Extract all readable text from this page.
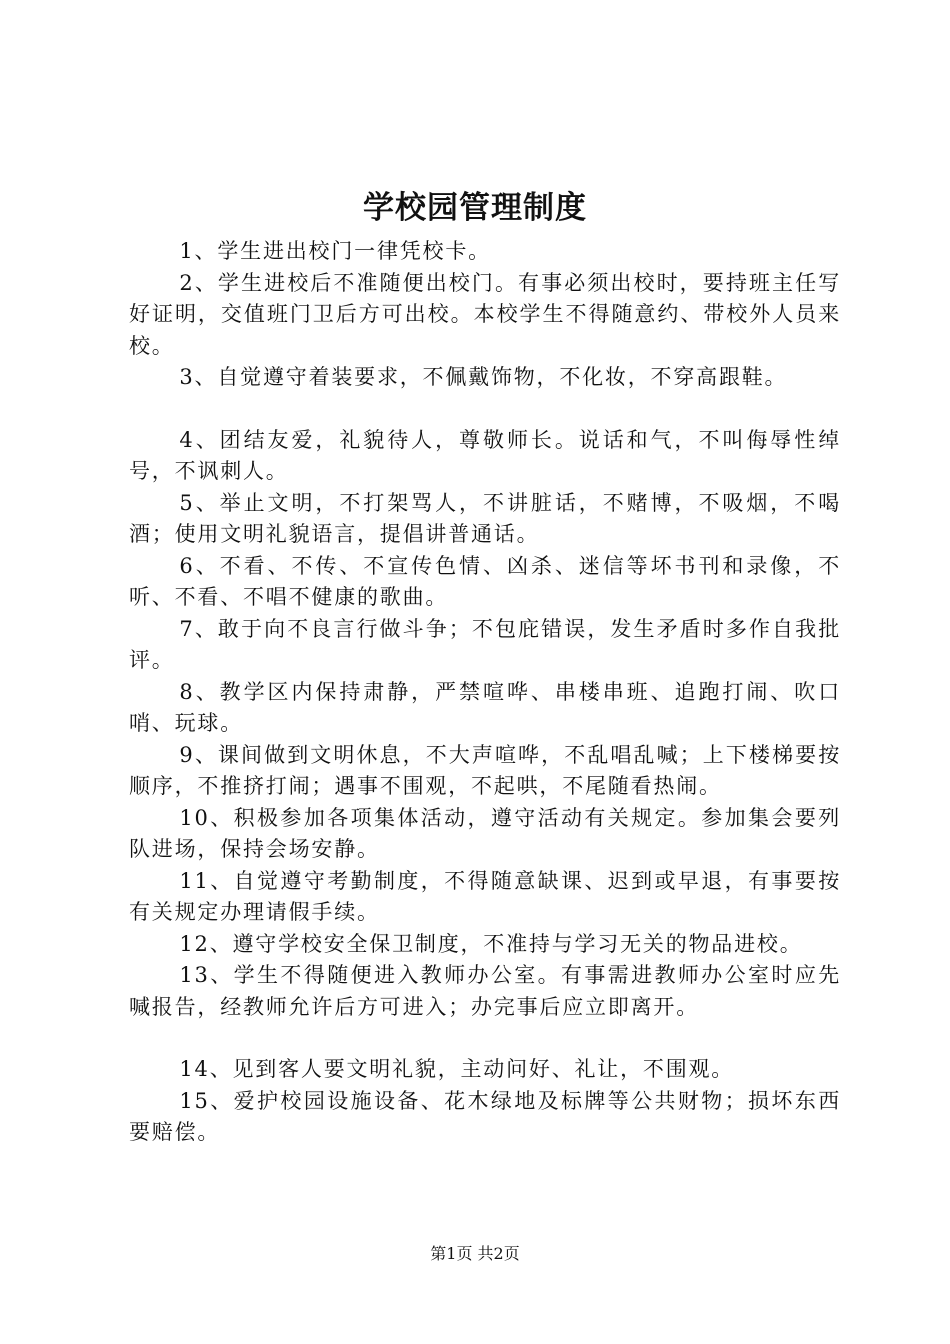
学校园管理制度

1、学生进出校门一律凭校卡。

2、学生进校后不准随便出校门。有事必须出校时，要持班主任写好证明，交值班门卫后方可出校。本校学生不得随意约、带校外人员来校。

3、自觉遵守着装要求，不佩戴饰物，不化妆，不穿高跟鞋。

4、团结友爱，礼貌待人，尊敬师长。说话和气，不叫侮辱性绰号，不讽刺人。

5、举止文明，不打架骂人，不讲脏话，不赌博，不吸烟，不喝酒；使用文明礼貌语言，提倡讲普通话。

6、不看、不传、不宣传色情、凶杀、迷信等坏书刊和录像，不听、不看、不唱不健康的歌曲。

7、敢于向不良言行做斗争；不包庇错误，发生矛盾时多作自我批评。

8、教学区内保持肃静，严禁喧哗、串楼串班、追跑打闹、吹口哨、玩球。

9、课间做到文明休息，不大声喧哗，不乱唱乱喊；上下楼梯要按顺序，不推挤打闹；遇事不围观，不起哄，不尾随看热闹。

10、积极参加各项集体活动，遵守活动有关规定。参加集会要列队进场，保持会场安静。

11、自觉遵守考勤制度，不得随意缺课、迟到或早退，有事要按有关规定办理请假手续。

12、遵守学校安全保卫制度，不准持与学习无关的物品进校。

13、学生不得随便进入教师办公室。有事需进教师办公室时应先喊报告，经教师允许后方可进入；办完事后应立即离开。

14、见到客人要文明礼貌，主动问好、礼让，不围观。

15、爱护校园设施设备、花木绿地及标牌等公共财物；损坏东西要赔偿。

第1页 共2页
